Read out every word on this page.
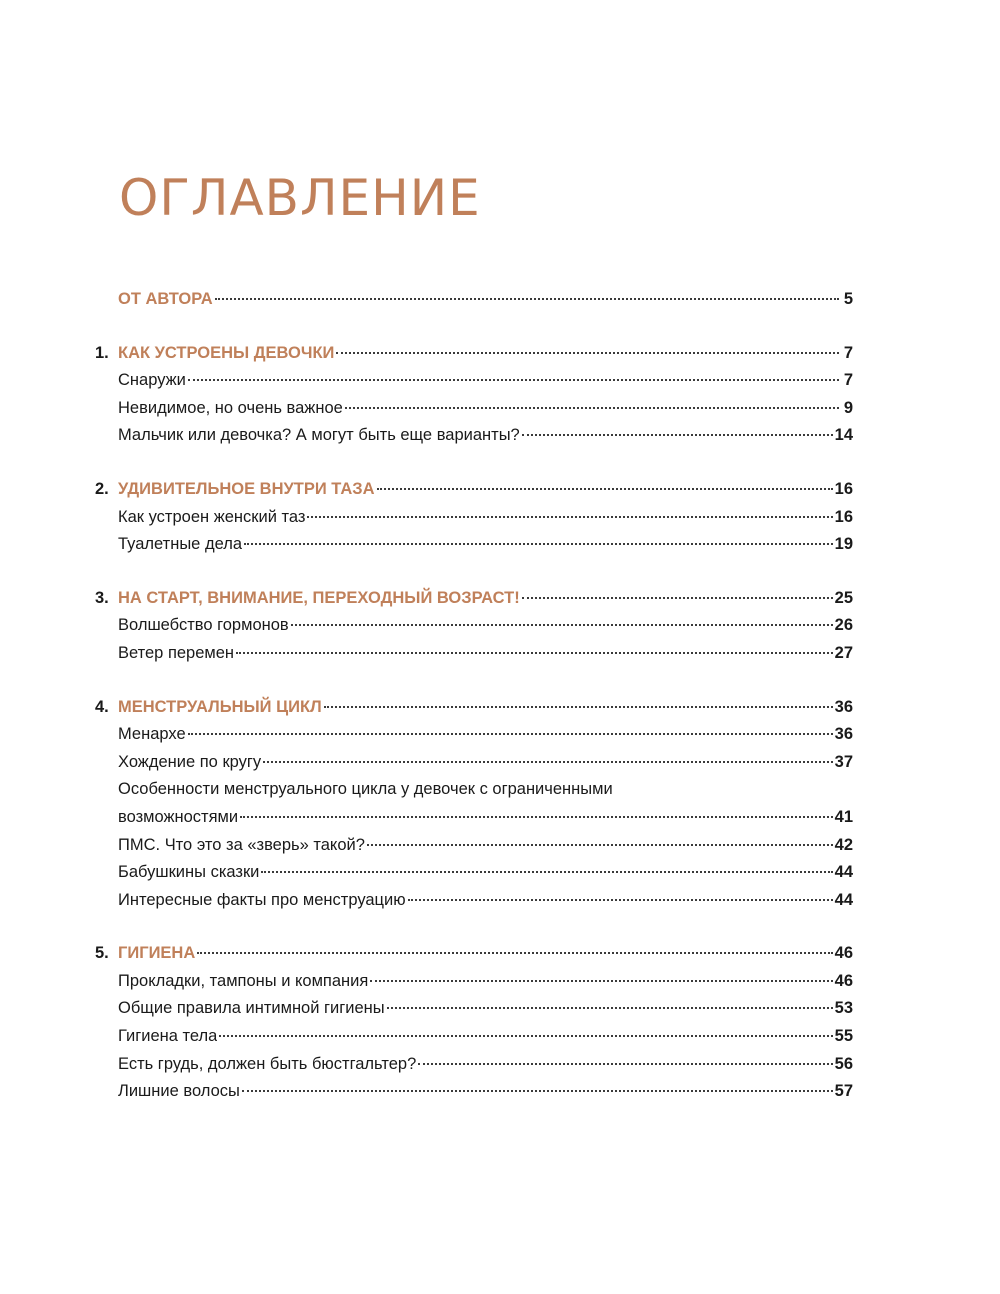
ОГЛАВЛЕНИЕ
ОТ АВТОРА	5
1. КАК УСТРОЕНЫ ДЕВОЧКИ	7
Снаружи	7
Невидимое, но очень важное	9
Мальчик или девочка? А могут быть еще варианты?	14
2. УДИВИТЕЛЬНОЕ ВНУТРИ ТАЗА	16
Как устроен женский таз	16
Туалетные дела	19
3. НА СТАРТ, ВНИМАНИЕ, ПЕРЕХОДНЫЙ ВОЗРАСТ!	25
Волшебство гормонов	26
Ветер перемен	27
4. МЕНСТРУАЛЬНЫЙ ЦИКЛ	36
Менархе	36
Хождение по кругу	37
Особенности менструального цикла у девочек с ограниченными
возможностями	41
ПМС. Что это за «зверь» такой?	42
Бабушкины сказки	44
Интересные факты про менструацию	44
5. ГИГИЕНА	46
Прокладки, тампоны и компания	46
Общие правила интимной гигиены	53
Гигиена тела	55
Есть грудь, должен быть бюстгальтер?	56
Лишние волосы	57
